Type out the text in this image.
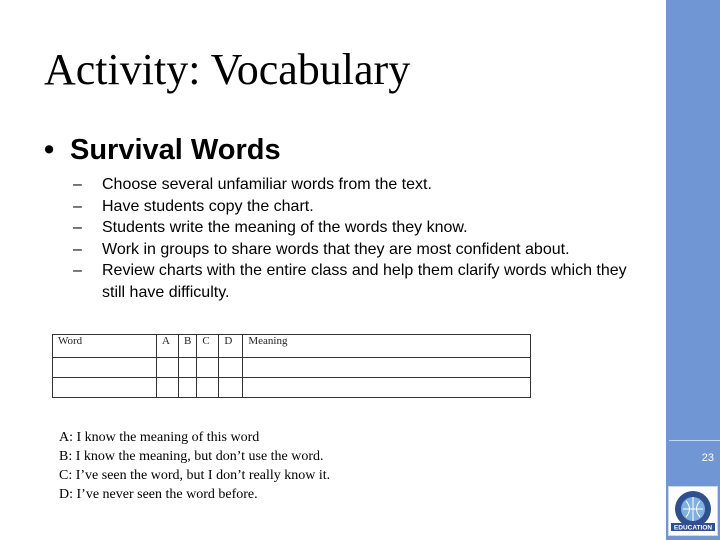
Activity: Vocabulary
• Survival Words
– Choose several unfamiliar words from the text.
– Have students copy the chart.
– Students write the meaning of the words they know.
– Work in groups to share words that they are most confident about.
– Review charts with the entire class and help them clarify words which they still have difficulty.
Word	A	B	C	D	Meaning

A: I know the meaning of this word
B: I know the meaning, but don’t use the word.
C: I’ve seen the word, but I don’t really know it.
D: I’ve never seen the word before.
23
EDUCATION
